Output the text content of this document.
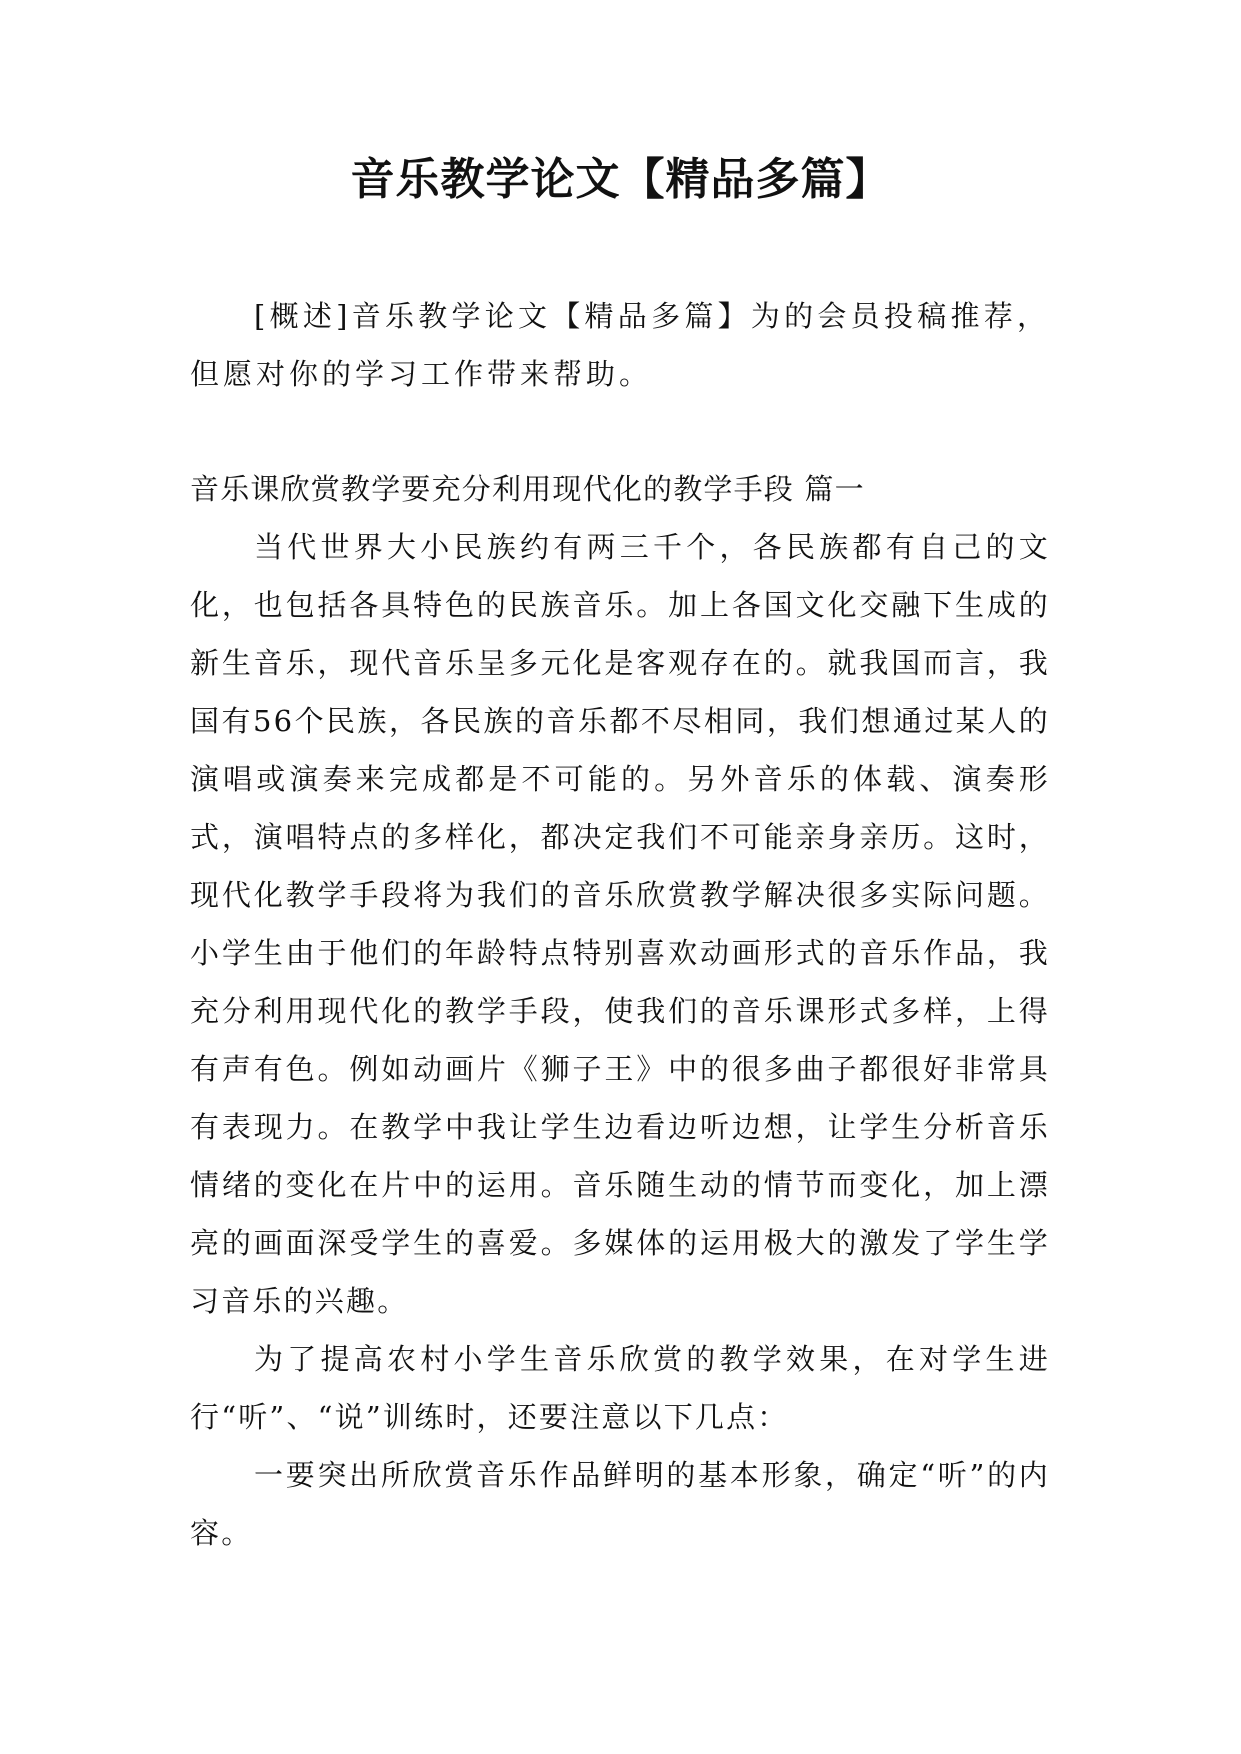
音乐教学论文【精品多篇】
[概述]音乐教学论文【精品多篇】为的会员投稿推荐，但愿对你的学习工作带来帮助。
音乐课欣赏教学要充分利用现代化的教学手段 篇一
当代世界大小民族约有两三千个，各民族都有自己的文化，也包括各具特色的民族音乐。加上各国文化交融下生成的新生音乐，现代音乐呈多元化是客观存在的。就我国而言，我国有56个民族，各民族的音乐都不尽相同，我们想通过某人的演唱或演奏来完成都是不可能的。另外音乐的体载、演奏形式，演唱特点的多样化，都决定我们不可能亲身亲历。这时，现代化教学手段将为我们的音乐欣赏教学解决很多实际问题。小学生由于他们的年龄特点特别喜欢动画形式的音乐作品，我充分利用现代化的教学手段，使我们的音乐课形式多样，上得有声有色。例如动画片《狮子王》中的很多曲子都很好非常具有表现力。在教学中我让学生边看边听边想，让学生分析音乐情绪的变化在片中的运用。音乐随生动的情节而变化，加上漂亮的画面深受学生的喜爱。多媒体的运用极大的激发了学生学习音乐的兴趣。
为了提高农村小学生音乐欣赏的教学效果，在对学生进行“听”、“说”训练时，还要注意以下几点：
一要突出所欣赏音乐作品鲜明的基本形象，确定“听”的内容。
